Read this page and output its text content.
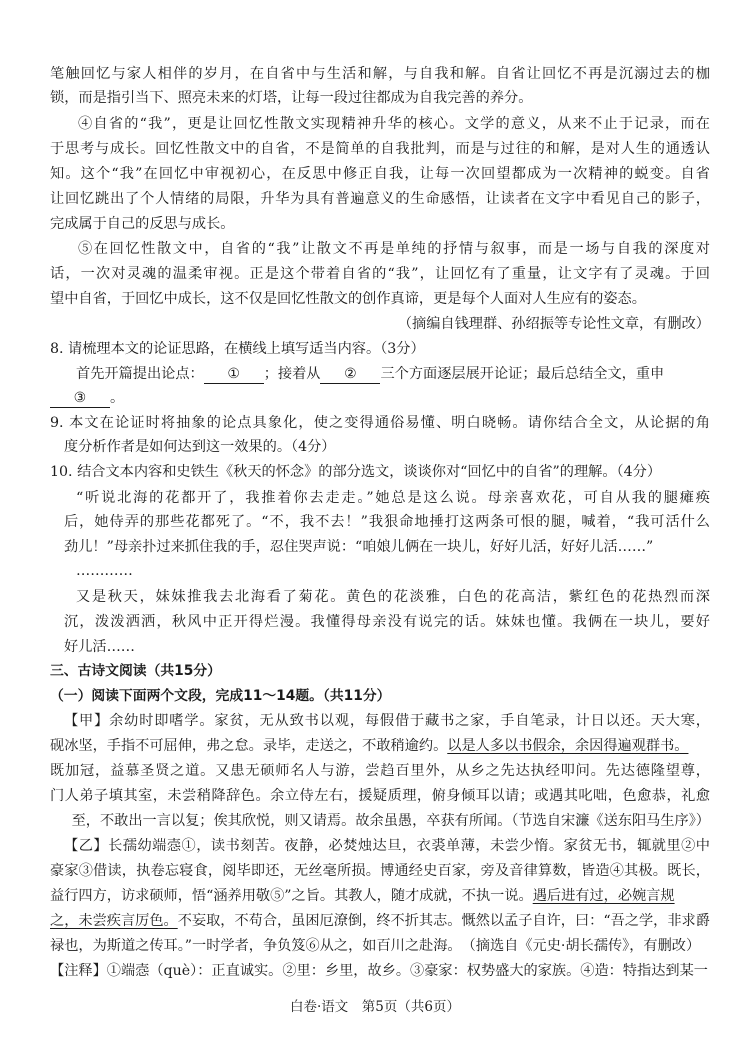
笔触回忆与家人相伴的岁月，在自省中与生活和解，与自我和解。自省让回忆不再是沉溺过去的枷
锁，而是指引当下、照亮未来的灯塔，让每一段过往都成为自我完善的养分。
④自省的“我”，更是让回忆性散文实现精神升华的核心。文学的意义，从来不止于记录，而在
于思考与成长。回忆性散文中的自省，不是简单的自我批判，而是与过往的和解，是对人生的通透认
知。这个“我”在回忆中审视初心，在反思中修正自我，让每一次回望都成为一次精神的蜕变。自省
让回忆跳出了个人情绪的局限，升华为具有普遍意义的生命感悟，让读者在文字中看见自己的影子，
完成属于自己的反思与成长。
⑤在回忆性散文中，自省的“我”让散文不再是单纯的抒情与叙事，而是一场与自我的深度对
话，一次对灵魂的温柔审视。正是这个带着自省的“我”，让回忆有了重量，让文字有了灵魂。于回
望中自省，于回忆中成长，这不仅是回忆性散文的创作真谛，更是每个人面对人生应有的姿态。
（摘编自钱理群、孙绍振等专论性文章，有删改）
8. 请梳理本文的论证思路，在横线上填写适当内容。（3分）
首先开篇提出论点： ① ；接着从 ② 三个方面逐层展开论证；最后总结全文，重申
③ 。
9. 本文在论证时将抽象的论点具象化，使之变得通俗易懂、明白晓畅。请你结合全文，从论据的角
度分析作者是如何达到这一效果的。（4分）
10. 结合文本内容和史铁生《秋天的怀念》的部分选文，谈谈你对“回忆中的自省”的理解。（4分）
“听说北海的花都开了，我推着你去走走。”她总是这么说。母亲喜欢花，可自从我的腿瘫痪
后，她侍弄的那些花都死了。“不，我不去！”我狠命地捶打这两条可恨的腿，喊着，“我可活什么
劲儿！”母亲扑过来抓住我的手，忍住哭声说：“咱娘儿俩在一块儿，好好儿活，好好儿活……”
…………
又是秋天，妹妹推我去北海看了菊花。黄色的花淡雅，白色的花高洁，紫红色的花热烈而深
沉，泼泼洒洒，秋风中正开得烂漫。我懂得母亲没有说完的话。妹妹也懂。我俩在一块儿，要好
好儿活……
三、古诗文阅读（共15分）
（一）阅读下面两个文段，完成11～14题。（共11分）
【甲】余幼时即嗜学。家贫，无从致书以观，每假借于藏书之家，手自笔录，计日以还。天大寒，
砚冰坚，手指不可屈伸，弗之怠。录毕，走送之，不敢稍逾约。以是人多以书假余，余因得遍观群书。
既加冠，益慕圣贤之道。又患无硕师名人与游，尝趋百里外，从乡之先达执经叩问。先达德隆望尊，
门人弟子填其室，未尝稍降辞色。余立侍左右，援疑质理，俯身倾耳以请；或遇其叱咄，色愈恭，礼愈
至，不敢出一言以复；俟其欣悦，则又请焉。故余虽愚，卒获有所闻。（节选自宋濂《送东阳马生序》）
【乙】长孺幼端悫①，读书刻苦。夜静，必焚烛达旦，衣裘单薄，未尝少惰。家贫无书，辄就里②中
豪家③借读，执卷忘寝食，阅毕即还，无丝毫所损。博通经史百家，旁及音律算数，皆造④其极。既长，
益行四方，访求硕师，悟“涵养用敬⑤”之旨。其教人，随才成就，不执一说。遇后进有过，必婉言规
之，未尝疾言厉色。不妄取，不苟合，虽困厄潦倒，终不折其志。慨然以孟子自许，曰：“吾之学，非求爵
禄也，为斯道之传耳。”一时学者，争负笈⑥从之，如百川之赴海。　（摘选自《元史·胡长孺传》，有删改）
【注释】①端悫（què）：正直诚实。②里：乡里，故乡。③豪家：权势盛大的家族。④造：特指达到某一
白卷·语文　第5页（共6页）
